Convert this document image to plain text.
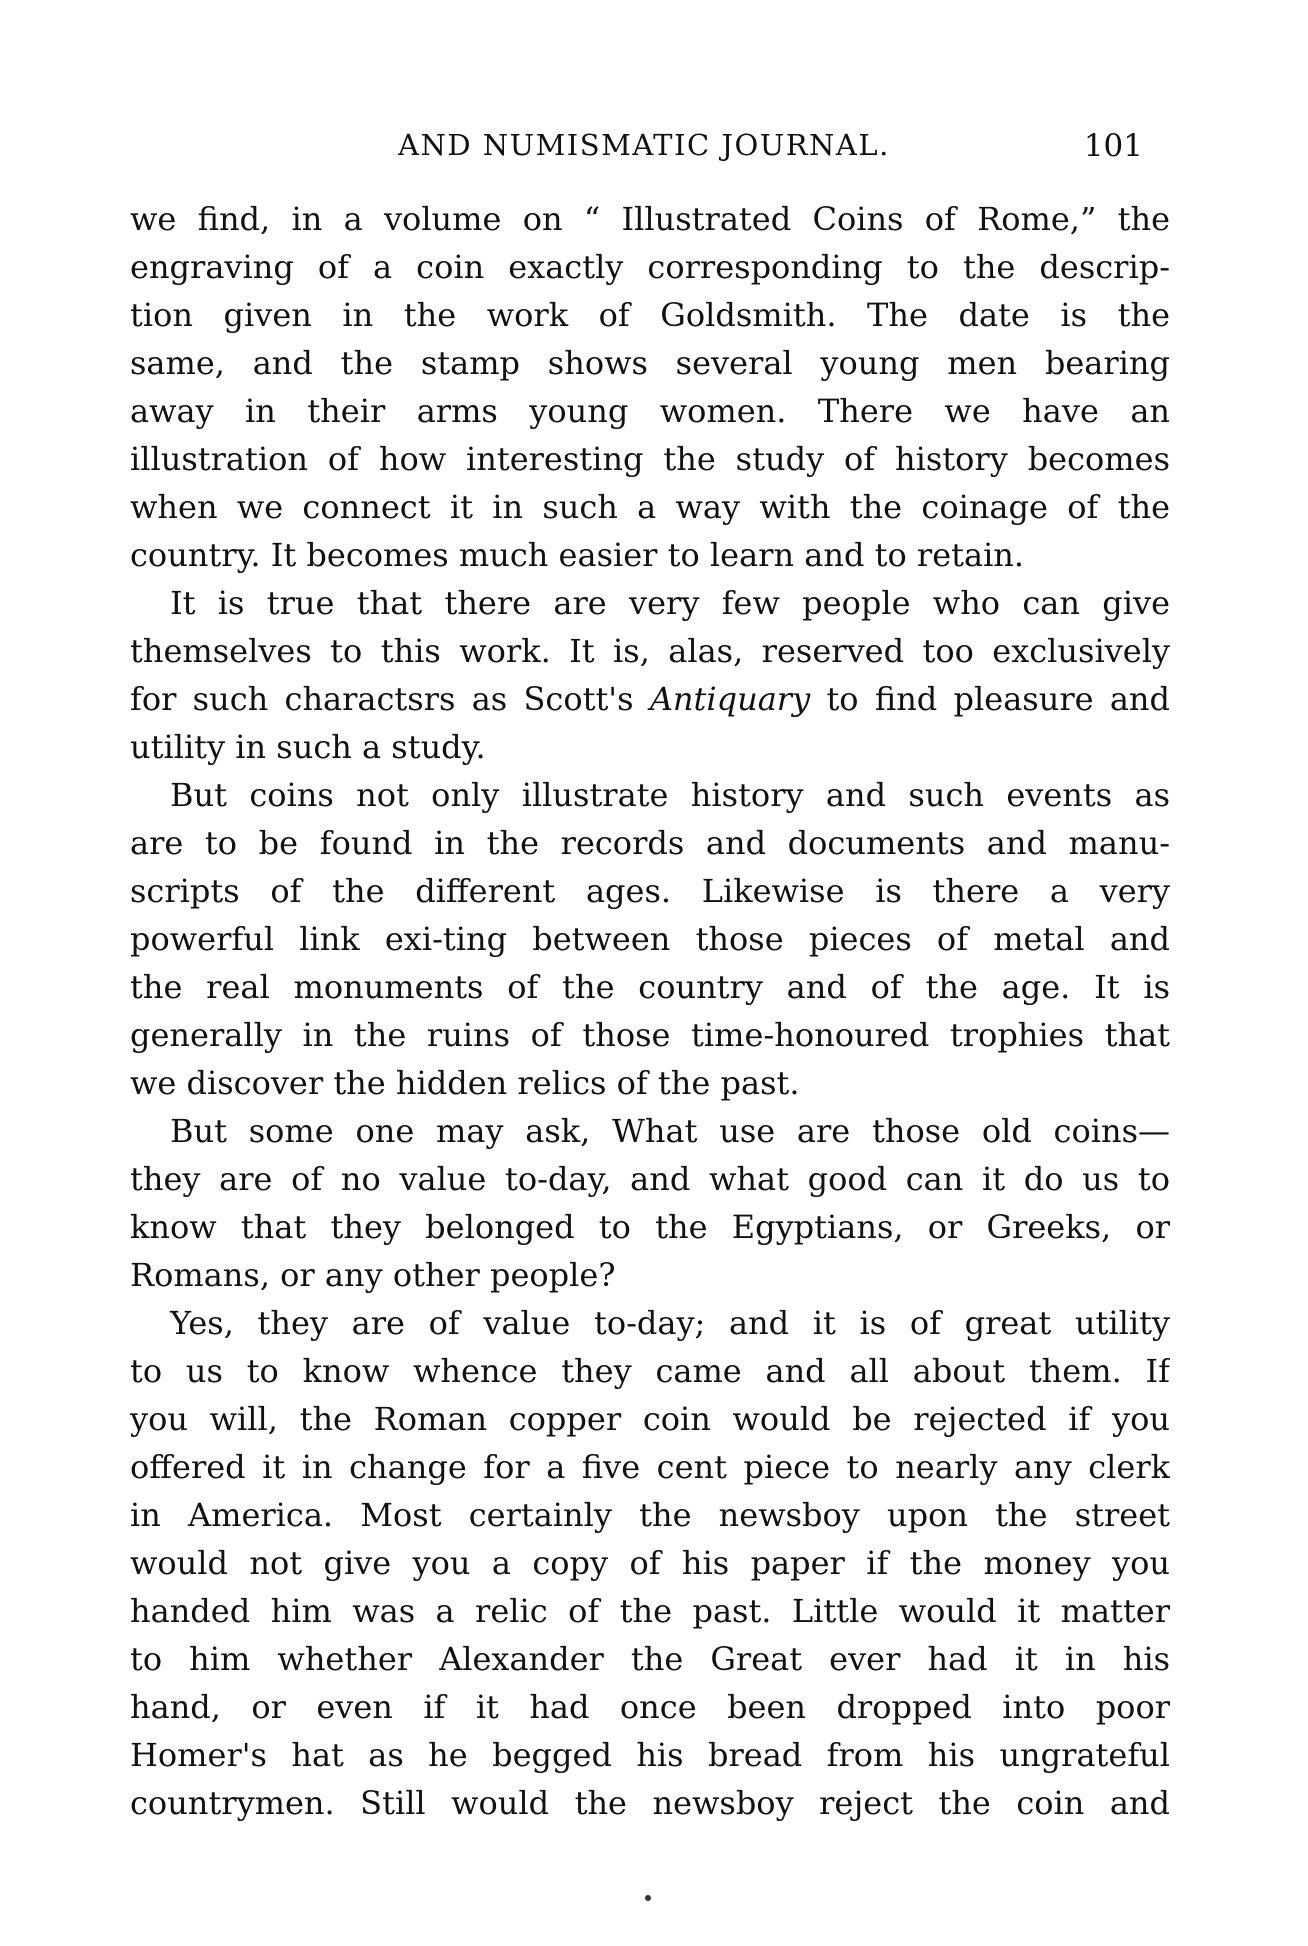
AND NUMISMATIC JOURNAL.	101
we find, in a volume on “ Illustrated Coins of Rome,” the
engraving of a coin exactly corresponding to the descrip-
tion given in the work of Goldsmith. The date is the
same, and the stamp shows several young men bearing
away in their arms young women. There we have an
illustration of how interesting the study of history becomes
when we connect it in such a way with the coinage of the
country. It becomes much easier to learn and to retain.
It is true that there are very few people who can give
themselves to this work. It is, alas, reserved too exclusively
for such charactsrs as Scott's Antiquary to find pleasure and
utility in such a study.
But coins not only illustrate history and such events as
are to be found in the records and documents and manu-
scripts of the different ages. Likewise is there a very
powerful link exi-ting between those pieces of metal and
the real monuments of the country and of the age. It is
generally in the ruins of those time-honoured trophies that
we discover the hidden relics of the past.
But some one may ask, What use are those old coins—
they are of no value to-day, and what good can it do us to
know that they belonged to the Egyptians, or Greeks, or
Romans, or any other people?
Yes, they are of value to-day; and it is of great utility
to us to know whence they came and all about them. If
you will, the Roman copper coin would be rejected if you
offered it in change for a five cent piece to nearly any clerk
in America. Most certainly the newsboy upon the street
would not give you a copy of his paper if the money you
handed him was a relic of the past. Little would it matter
to him whether Alexander the Great ever had it in his
hand, or even if it had once been dropped into poor
Homer's hat as he begged his bread from his ungrateful
countrymen. Still would the newsboy reject the coin and
